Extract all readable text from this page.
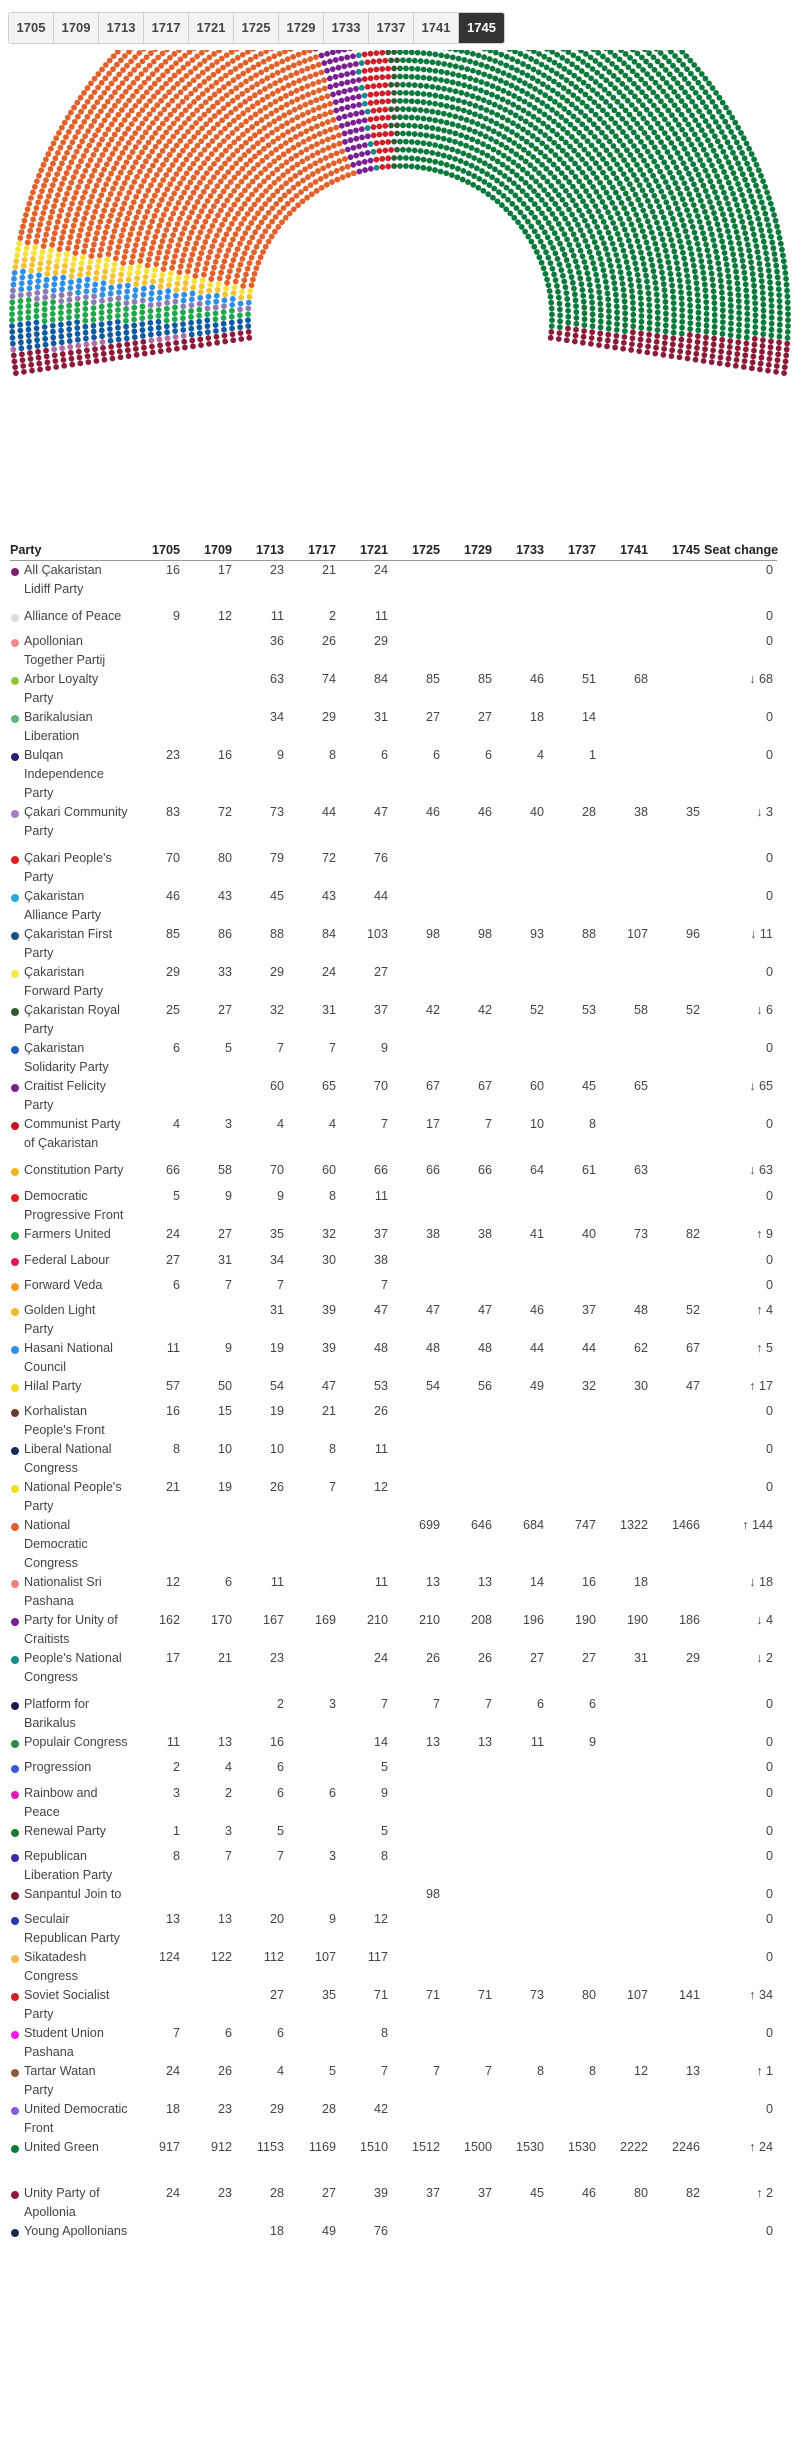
1705	1709	1713	1717	1721	1725	1729	1733	1737	1741	1745
Party	1705	1709	1713	1717	1721	1725	1729	1733	1737	1741	1745	Seat change

All Çakaristan Lidiff Party	16	17	23	21	24							0

Alliance of Peace	9	12	11	2	11							0

Apollonian Together Partij			36	26	29							0

Arbor Loyalty Party			63	74	84	85	85	46	51	68		↓ 68

Barikalusian Liberation			34	29	31	27	27	18	14			0

Bulqan Independence Party	23	16	9	8	6	6	6	4	1			0

Çakari Community Party	83	72	73	44	47	46	46	40	28	38	35	↓ 3

Çakari People's Party	70	80	79	72	76							0

Çakaristan Alliance Party	46	43	45	43	44							0

Çakaristan First Party	85	86	88	84	103	98	98	93	88	107	96	↓ 11

Çakaristan Forward Party	29	33	29	24	27							0

Çakaristan Royal Party	25	27	32	31	37	42	42	52	53	58	52	↓ 6

Çakaristan Solidarity Party	6	5	7	7	9							0

Craitist Felicity Party			60	65	70	67	67	60	45	65		↓ 65

Communist Party of Çakaristan	4	3	4	4	7	17	7	10	8			0

Constitution Party	66	58	70	60	66	66	66	64	61	63		↓ 63

Democratic Progressive Front	5	9	9	8	11							0

Farmers United	24	27	35	32	37	38	38	41	40	73	82	↑ 9

Federal Labour	27	31	34	30	38							0

Forward Veda	6	7	7		7							0

Golden Light Party			31	39	47	47	47	46	37	48	52	↑ 4

Hasani National Council	11	9	19	39	48	48	48	44	44	62	67	↑ 5

Hilal Party	57	50	54	47	53	54	56	49	32	30	47	↑ 17

Korhalistan People's Front	16	15	19	21	26							0

Liberal National Congress	8	10	10	8	11							0

National People's Party	21	19	26	7	12							0

National Democratic Congress						699	646	684	747	1322	1466	↑ 144

Nationalist Sri Pashana	12	6	11		11	13	13	14	16	18		↓ 18

Party for Unity of Craitists	162	170	167	169	210	210	208	196	190	190	186	↓ 4

People's National Congress	17	21	23		24	26	26	27	27	31	29	↓ 2

Platform for Barikalus			2	3	7	7	7	6	6			0

Populair Congress	11	13	16		14	13	13	11	9			0

Progression	2	4	6		5							0

Rainbow and Peace	3	2	6	6	9							0

Renewal Party	1	3	5		5							0

Republican Liberation Party	8	7	7	3	8							0

Sanpantul Join to						98						0

Seculair Republican Party	13	13	20	9	12							0

Sikatadesh Congress	124	122	112	107	117							0

Soviet Socialist Party			27	35	71	71	71	73	80	107	141	↑ 34

Student Union Pashana	7	6	6		8							0

Tartar Watan Party	24	26	4	5	7	7	7	8	8	12	13	↑ 1

United Democratic Front	18	23	29	28	42							0

United Green	917	912	1153	1169	1510	1512	1500	1530	1530	2222	2246	↑ 24

Unity Party of Apollonia	24	23	28	27	39	37	37	45	46	80	82	↑ 2

Young Apollonians			18	49	76							0
